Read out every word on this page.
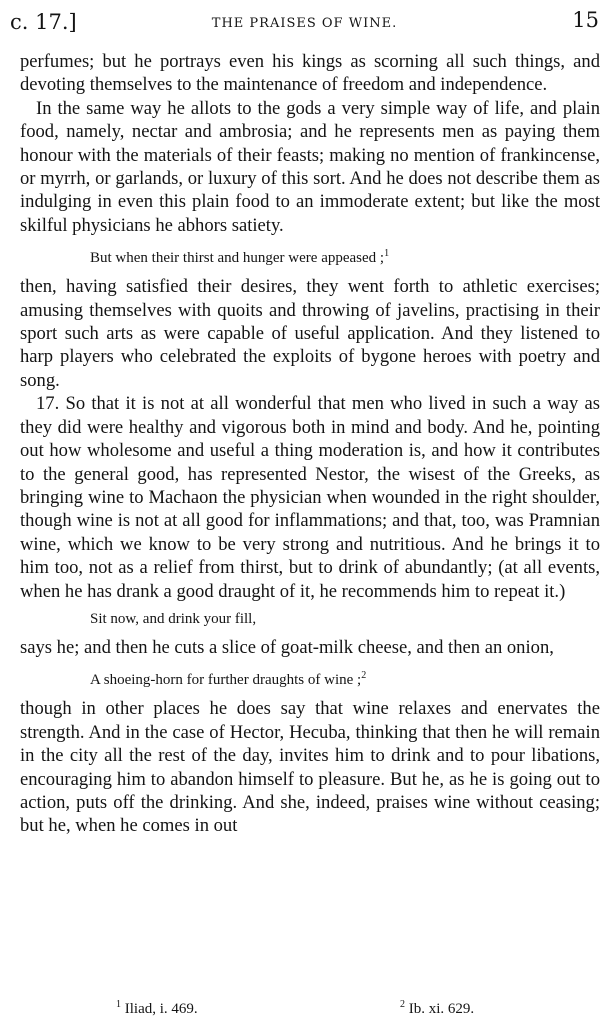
c. 17.]	THE PRAISES OF WINE.	15

perfumes; but he portrays even his kings as scorning all such things, and devoting themselves to the maintenance of freedom and independence.

In the same way he allots to the gods a very simple way of life, and plain food, namely, nectar and ambrosia; and he represents men as paying them honour with the materials of their feasts; making no mention of frankincense, or myrrh, or garlands, or luxury of this sort. And he does not describe them as indulging in even this plain food to an immoderate extent; but like the most skilful physicians he abhors satiety.

But when their thirst and hunger were appeased ;$^1$

then, having satisfied their desires, they went forth to athletic exercises; amusing themselves with quoits and throwing of javelins, practising in their sport such arts as were capable of useful application. And they listened to harp players who celebrated the exploits of bygone heroes with poetry and song.

17. So that it is not at all wonderful that men who lived in such a way as they did were healthy and vigorous both in mind and body. And he, pointing out how wholesome and useful a thing moderation is, and how it contributes to the general good, has represented Nestor, the wisest of the Greeks, as bringing wine to Machaon the physician when wounded in the right shoulder, though wine is not at all good for inflammations; and that, too, was Pramnian wine, which we know to be very strong and nutritious. And he brings it to him too, not as a relief from thirst, but to drink of abundantly; (at all events, when he has drank a good draught of it, he recommends him to repeat it.)

Sit now, and drink your fill,

says he; and then he cuts a slice of goat-milk cheese, and then an onion,

A shoeing-horn for further draughts of wine ;$^2$

though in other places he does say that wine relaxes and enervates the strength. And in the case of Hector, Hecuba, thinking that then he will remain in the city all the rest of the day, invites him to drink and to pour libations, encouraging him to abandon himself to pleasure. But he, as he is going out to action, puts off the drinking. And she, indeed, praises wine without ceasing; but he, when he comes in out

$^1$ Iliad, i. 469.	$^2$ Ib. xi. 629.
